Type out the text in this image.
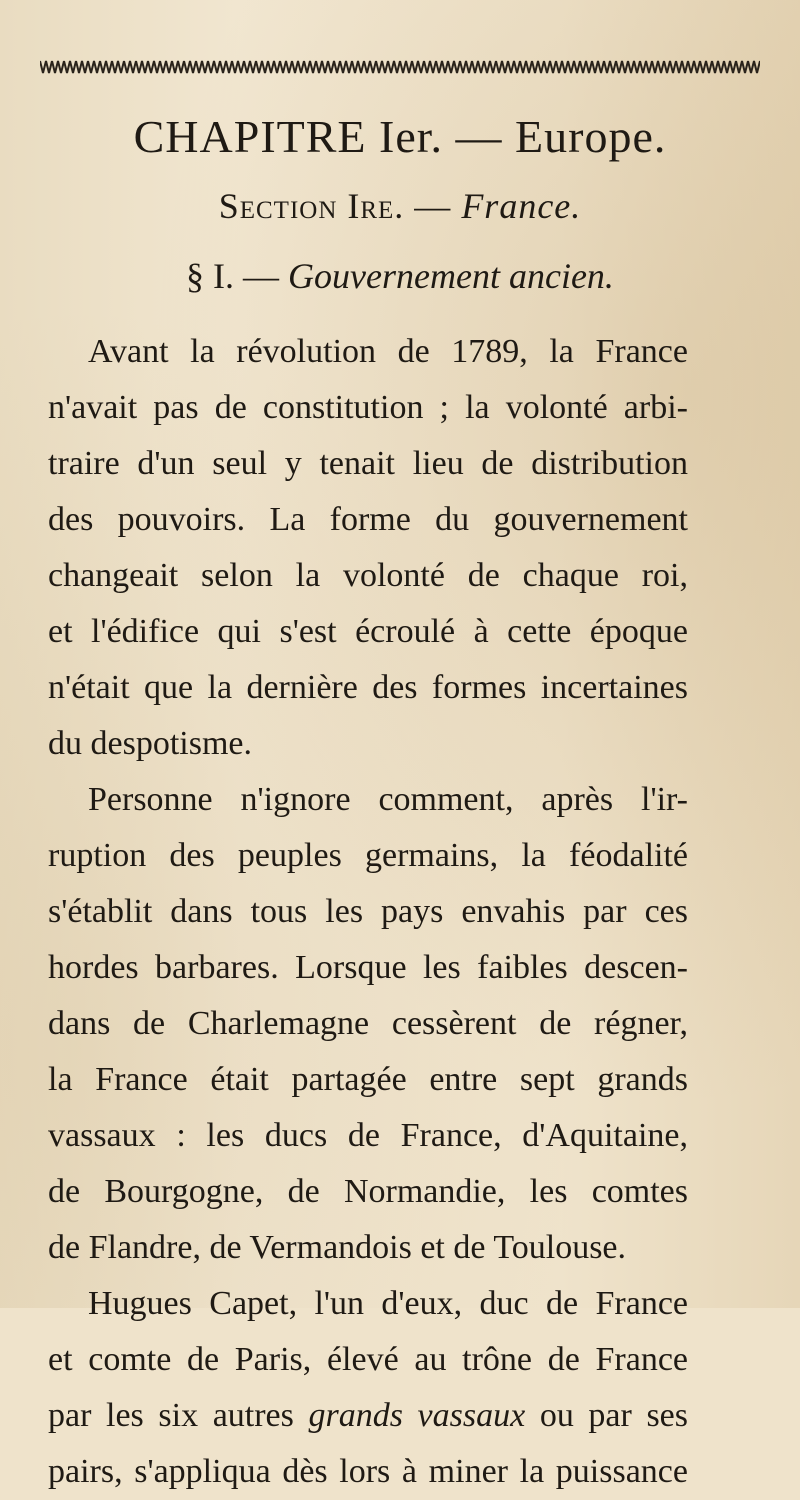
CHAPITRE Ier. — Europe.
Section Ire. — France.
§ I. — Gouvernement ancien.
Avant la révolution de 1789, la France
n'avait pas de constitution ; la volonté arbi-
traire d'un seul y tenait lieu de distribution
des pouvoirs. La forme du gouvernement
changeait selon la volonté de chaque roi,
et l'édifice qui s'est écroulé à cette époque
n'était que la dernière des formes incertaines
du despotisme.
Personne n'ignore comment, après l'ir-
ruption des peuples germains, la féodalité
s'établit dans tous les pays envahis par ces
hordes barbares. Lorsque les faibles descen-
dans de Charlemagne cessèrent de régner,
la France était partagée entre sept grands
vassaux : les ducs de France, d'Aquitaine,
de Bourgogne, de Normandie, les comtes
de Flandre, de Vermandois et de Toulouse.
Hugues Capet, l'un d'eux, duc de France
et comte de Paris, élevé au trône de France
par les six autres grands vassaux ou par ses
pairs, s'appliqua dès lors à miner la puissance
